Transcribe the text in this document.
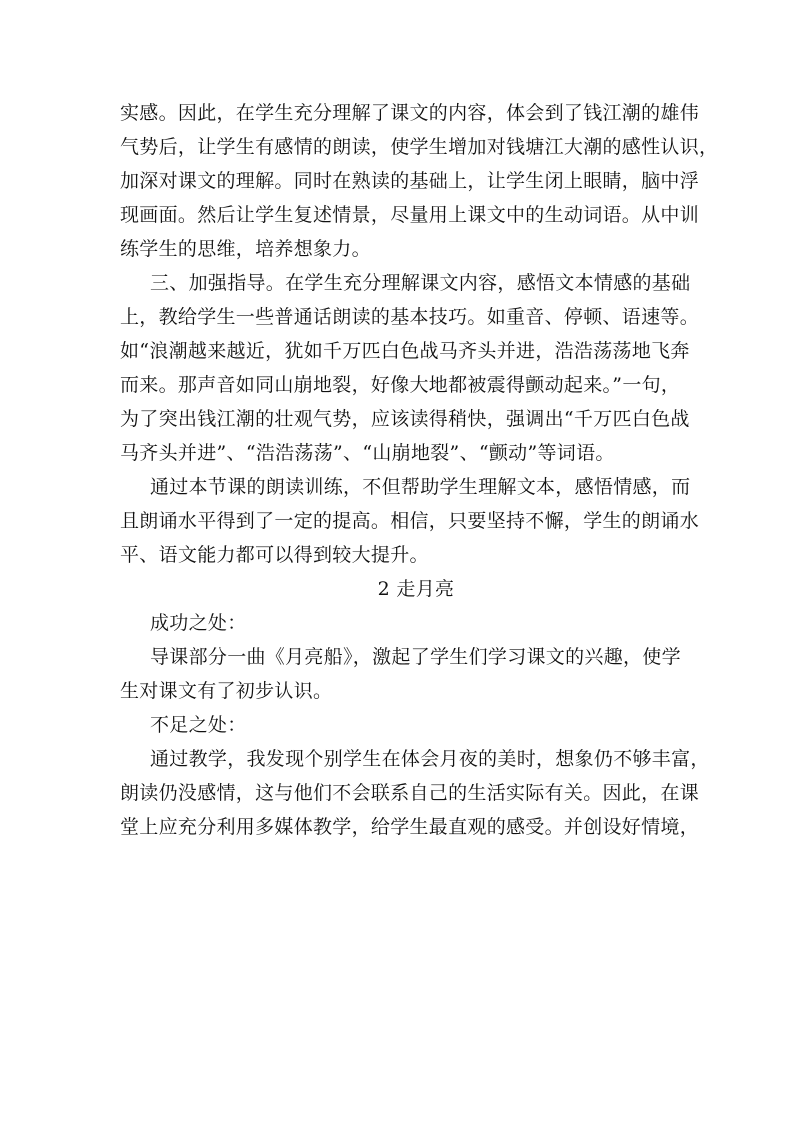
实感。因此，在学生充分理解了课文的内容，体会到了钱江潮的雄伟
气势后，让学生有感情的朗读，使学生增加对钱塘江大潮的感性认识，
加深对课文的理解。同时在熟读的基础上，让学生闭上眼睛，脑中浮
现画面。然后让学生复述情景，尽量用上课文中的生动词语。从中训
练学生的思维，培养想象力。
三、加强指导。在学生充分理解课文内容，感悟文本情感的基础
上，教给学生一些普通话朗读的基本技巧。如重音、停顿、语速等。
如“浪潮越来越近，犹如千万匹白色战马齐头并进，浩浩荡荡地飞奔
而来。那声音如同山崩地裂，好像大地都被震得颤动起来。”一句，
为了突出钱江潮的壮观气势，应该读得稍快，强调出“千万匹白色战
马齐头并进”、“浩浩荡荡”、“山崩地裂”、“颤动”等词语。
通过本节课的朗读训练，不但帮助学生理解文本，感悟情感，而
且朗诵水平得到了一定的提高。相信，只要坚持不懈，学生的朗诵水
平、语文能力都可以得到较大提升。
2 走月亮
成功之处：
导课部分一曲《月亮船》，激起了学生们学习课文的兴趣，使学
生对课文有了初步认识。
不足之处：
通过教学，我发现个别学生在体会月夜的美时，想象仍不够丰富，
朗读仍没感情，这与他们不会联系自己的生活实际有关。因此，在课
堂上应充分利用多媒体教学，给学生最直观的感受。并创设好情境，
